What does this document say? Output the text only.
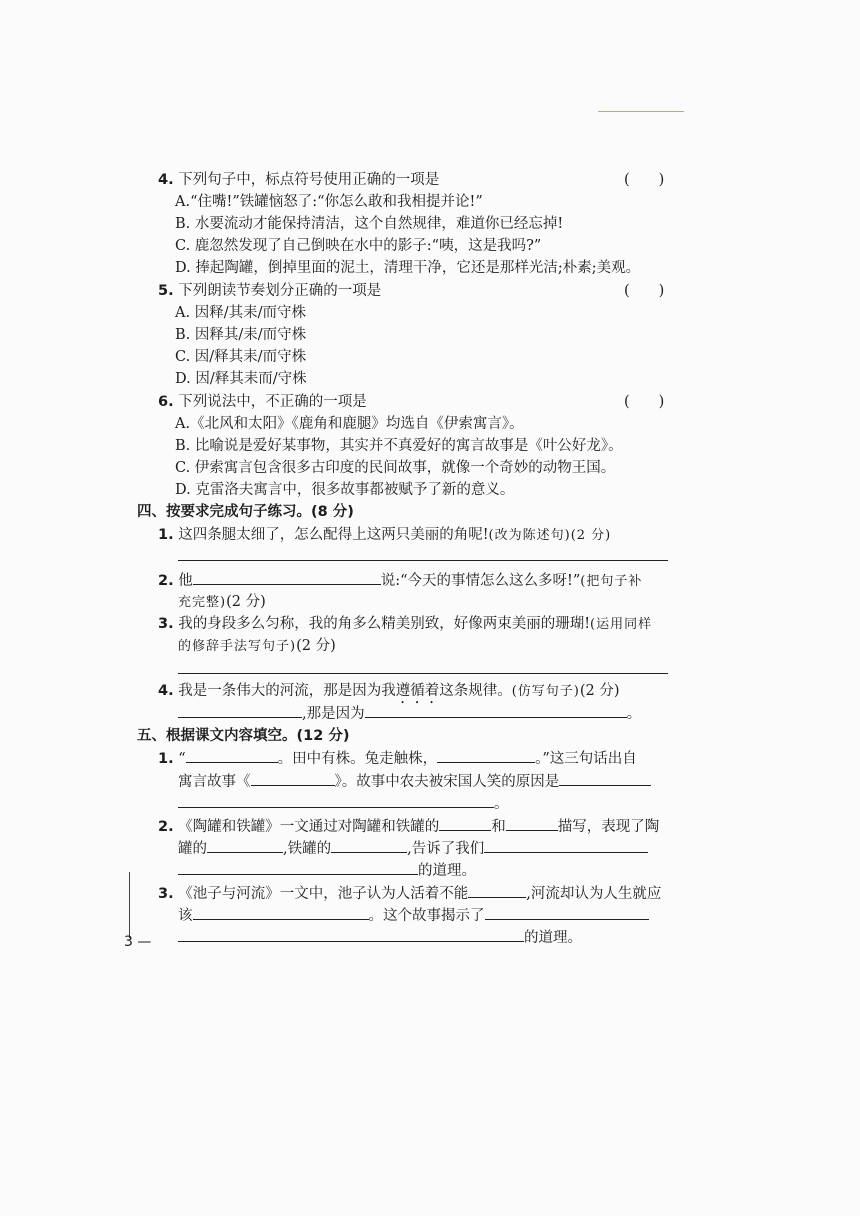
4. 下列句子中，标点符号使用正确的一项是	(　　)
A.“住嘴!”铁罐恼怒了:“你怎么敢和我相提并论!”
B. 水要流动才能保持清洁，这个自然规律，难道你已经忘掉!
C. 鹿忽然发现了自己倒映在水中的影子:“咦，这是我吗?”
D. 捧起陶罐，倒掉里面的泥土，清理干净，它还是那样光洁;朴素;美观。
5. 下列朗读节奏划分正确的一项是	(　　)
A. 因释/其耒/而守株
B. 因释其/耒/而守株
C. 因/释其耒/而守株
D. 因/释其耒而/守株
6. 下列说法中，不正确的一项是	(　　)
A.《北风和太阳》《鹿角和鹿腿》均选自《伊索寓言》。
B. 比喻说是爱好某事物，其实并不真爱好的寓言故事是《叶公好龙》。
C. 伊索寓言包含很多古印度的民间故事，就像一个奇妙的动物王国。
D. 克雷洛夫寓言中，很多故事都被赋予了新的意义。
四、按要求完成句子练习。(8 分)
1. 这四条腿太细了，怎么配得上这两只美丽的角呢!(改为陈述句)(2 分)
2. 他	说:“今天的事情怎么这么多呀!”(把句子补
充完整)(2 分)
3. 我的身段多么匀称，我的角多么精美别致，好像两束美丽的珊瑚!(运用同样
的修辞手法写句子)(2 分)
4. 我是一条伟大的河流，那是因为我遵循着这条规律。(仿写句子)(2 分)
,那是因为	。
五、根据课文内容填空。(12 分)
1. “	。田中有株。兔走触株，	。”这三句话出自
寓言故事《	》。故事中农夫被宋国人笑的原因是
。
2. 《陶罐和铁罐》一文通过对陶罐和铁罐的	和	描写，表现了陶
罐的	,铁罐的	,告诉了我们
的道理。
3. 《池子与河流》一文中，池子认为人活着不能	,河流却认为人生就应
该	。这个故事揭示了
的道理。
3 —
